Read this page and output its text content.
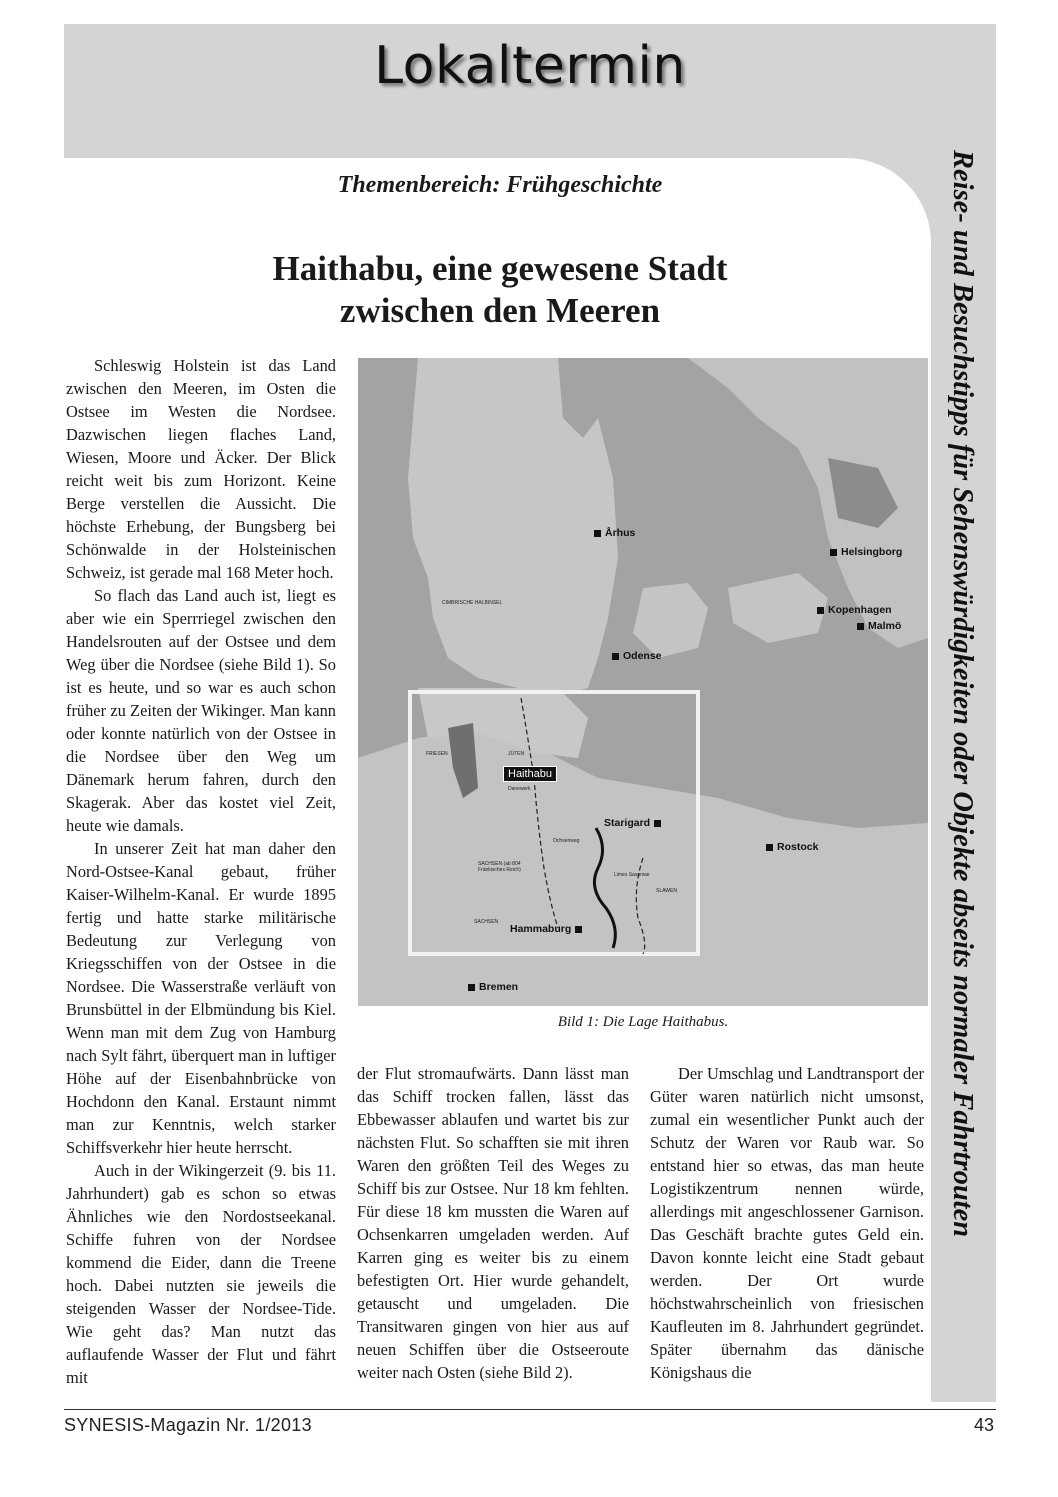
Lokaltermin
Reise- und Besuchstipps für Sehenswürdigkeiten oder Objekte abseits normaler Fahrtrouten
Themenbereich: Frühgeschichte
Haithabu, eine gewesene Stadt
zwischen den Meeren

Schleswig Holstein ist das Land zwischen den Meeren, im Osten die Ostsee im Westen die Nordsee. Dazwischen liegen flaches Land, Wiesen, Moore und Äcker. Der Blick reicht weit bis zum Horizont. Keine Berge verstellen die Aussicht. Die höchste Erhebung, der Bungsberg bei Schönwalde in der Holsteinischen Schweiz, ist gerade mal 168 Meter hoch.

So flach das Land auch ist, liegt es aber wie ein Sperrriegel zwischen den Handelsrouten auf der Ostsee und dem Weg über die Nordsee (siehe Bild 1). So ist es heute, und so war es auch schon früher zu Zeiten der Wikinger. Man kann oder konnte natürlich von der Ostsee in die Nordsee über den Weg um Dänemark herum fahren, durch den Skagerak. Aber das kostet viel Zeit, heute wie damals.

In unserer Zeit hat man daher den Nord-Ostsee-Kanal gebaut, früher Kaiser-Wilhelm-Kanal. Er wurde 1895 fertig und hatte starke militärische Bedeutung zur Verlegung von Kriegsschiffen von der Ostsee in die Nordsee. Die Wasserstraße verläuft von Brunsbüttel in der Elbmündung bis Kiel. Wenn man mit dem Zug von Hamburg nach Sylt fährt, überquert man in luftiger Höhe auf der Eisenbahnbrücke von Hochdonn den Kanal. Erstaunt nimmt man zur Kenntnis, welch starker Schiffsverkehr hier heute herrscht.

Auch in der Wikingerzeit (9. bis 11. Jahrhundert) gab es schon so etwas Ähnliches wie den Nordostseekanal. Schiffe fuhren von der Nordsee kommend die Eider, dann die Treene hoch. Dabei nutzten sie jeweils die steigenden Wasser der Nordsee-Tide. Wie geht das? Man nutzt das auflaufende Wasser der Flut und fährt mit

der Flut stromaufwärts. Dann lässt man das Schiff trocken fallen, lässt das Ebbewasser ablaufen und wartet bis zur nächsten Flut. So schafften sie mit ihren Waren den größten Teil des Weges zu Schiff bis zur Ostsee. Nur 18 km fehlten. Für diese 18 km mussten die Waren auf Ochsenkarren umgeladen werden. Auf Karren ging es weiter bis zu einem befestigten Ort. Hier wurde gehandelt, getauscht und umgeladen. Die Transitwaren gingen von hier aus auf neuen Schiffen über die Ostseeroute weiter nach Osten (siehe Bild 2).

Der Umschlag und Landtransport der Güter waren natürlich nicht umsonst, zumal ein wesentlicher Punkt auch der Schutz der Waren vor Raub war. So entstand hier so etwas, das man heute Logistikzentrum nennen würde, allerdings mit angeschlossener Garnison. Das Geschäft brachte gutes Geld ein. Davon konnte leicht eine Stadt gebaut werden. Der Ort wurde höchstwahrscheinlich von friesischen Kaufleuten im 8. Jahrhundert gegründet. Später übernahm das dänische Königshaus die

Århus
Helsingborg
Kopenhagen
Malmö
Odense
CIMBRISCHE HALBINSEL
FRIESEN	JÜTEN
Haithabu
Danewerk
Starigard
Ochsenweg
SACHSEN (ab 804 Fränkisches Reich)
SACHSEN
Limes Saxoniae
SLAWEN
Rostock
Hammaburg
Bremen
Bild 1: Die Lage Haithabus.
SYNESIS-Magazin Nr. 1/2013	43
